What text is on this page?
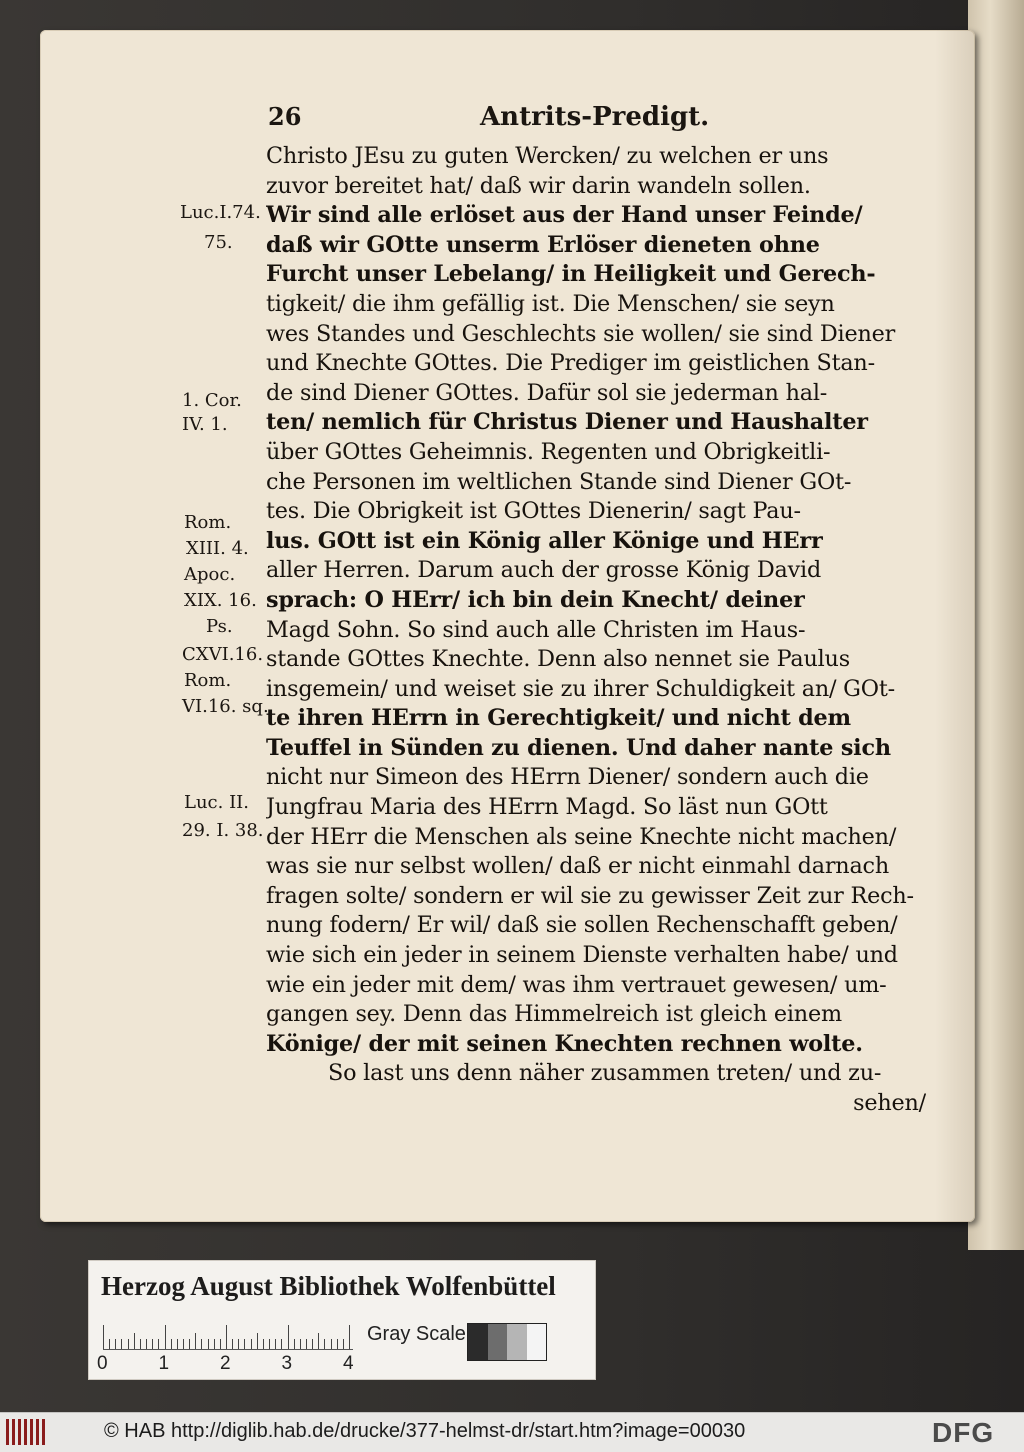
26	Antrits-Predigt.
Luc.I.74.
75.
1. Cor.
IV. 1.
Rom.
XIII. 4.
Apoc.
XIX. 16.
Ps.
CXVI.16.
Rom.
VI.16. sq.
Luc. II.
29. I. 38.
Christo JEsu zu guten Wercken/ zu welchen er uns
zuvor bereitet hat/ daß wir darin wandeln sollen.
Wir sind alle erlöset aus der Hand unser Feinde/
daß wir GOtte unserm Erlöser dieneten ohne
Furcht unser Lebelang/ in Heiligkeit und Gerech-
tigkeit/ die ihm gefällig ist. Die Menschen/ sie seyn
wes Standes und Geschlechts sie wollen/ sie sind Diener
und Knechte GOttes. Die Prediger im geistlichen Stan-
de sind Diener GOttes. Dafür sol sie jederman hal-
ten/ nemlich für Christus Diener und Haushalter
über GOttes Geheimnis. Regenten und Obrigkeitli-
che Personen im weltlichen Stande sind Diener GOt-
tes. Die Obrigkeit ist GOttes Dienerin/ sagt Pau-
lus. GOtt ist ein König aller Könige und HErr
aller Herren. Darum auch der grosse König David
sprach: O HErr/ ich bin dein Knecht/ deiner
Magd Sohn. So sind auch alle Christen im Haus-
stande GOttes Knechte. Denn also nennet sie Paulus
insgemein/ und weiset sie zu ihrer Schuldigkeit an/ GOt-
te ihren HErrn in Gerechtigkeit/ und nicht dem
Teuffel in Sünden zu dienen. Und daher nante sich
nicht nur Simeon des HErrn Diener/ sondern auch die
Jungfrau Maria des HErrn Magd. So läst nun GOtt
der HErr die Menschen als seine Knechte nicht machen/
was sie nur selbst wollen/ daß er nicht einmahl darnach
fragen solte/ sondern er wil sie zu gewisser Zeit zur Rech-
nung fodern/ Er wil/ daß sie sollen Rechenschafft geben/
wie sich ein jeder in seinem Dienste verhalten habe/ und
wie ein jeder mit dem/ was ihm vertrauet gewesen/ um-
gangen sey. Denn das Himmelreich ist gleich einem
Könige/ der mit seinen Knechten rechnen wolte.
So last uns denn näher zusammen treten/ und zu-
sehen/
Herzog August Bibliothek Wolfenbüttel
0	1	2	3	4
Gray Scale
© HAB http://diglib.hab.de/drucke/377-helmst-dr/start.htm?image=00030	DFG
